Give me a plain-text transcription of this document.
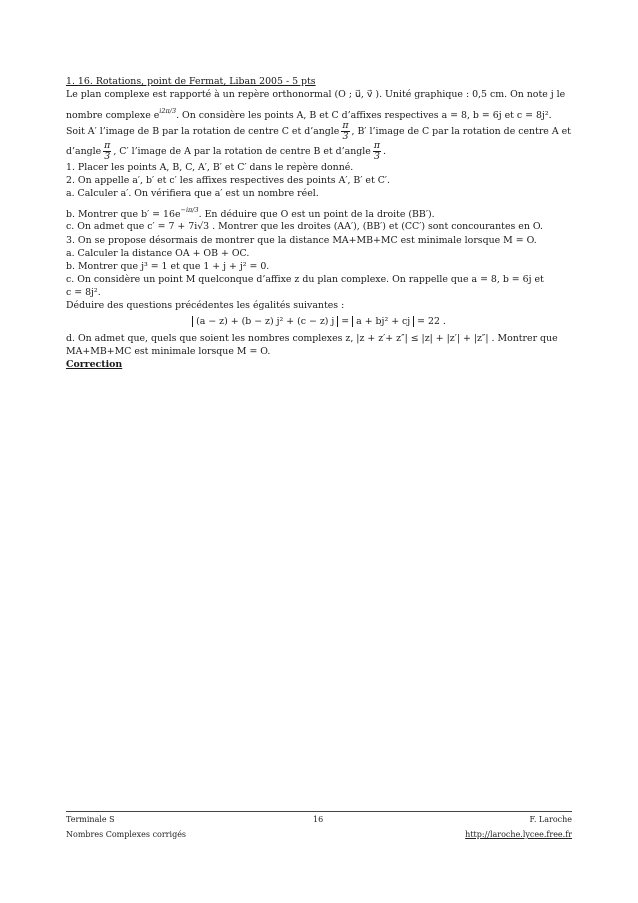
1. 16. Rotations, point de Fermat, Liban 2005 - 5 pts
Le plan complexe est rapporté à un repère orthonormal (O ; u⃗, v⃗ ). Unité graphique : 0,5 cm. On note j le
nombre complexe $e^{i2\pi/3}$. On considère les points A, B et C d’affixes respectives a = 8, b = 6j et c = 8j².
Soit A′ l’image de B par la rotation de centre C et d’angle $\frac{\pi}{3}$ , B′ l’image de C par la rotation de centre A et
d’angle $\frac{\pi}{3}$ , C′ l’image de A par la rotation de centre B et d’angle $\frac{\pi}{3}$ .
1. Placer les points A, B, C, A′, B′ et C′ dans le repère donné.
2. On appelle a′, b′ et c′ les affixes respectives des points A′, B′ et C′.
a. Calculer a′. On vérifiera que a′ est un nombre réel.
b. Montrer que $b' = 16e^{-i\pi/3}$. En déduire que O est un point de la droite (BB′).
c. On admet que c′ = 7 + 7i√3 . Montrer que les droites (AA′), (BB′) et (CC′) sont concourantes en O.
3. On se propose désormais de montrer que la distance MA+MB+MC est minimale lorsque M = O.
a. Calculer la distance OA + OB + OC.
b. Montrer que j³ = 1 et que 1 + j + j² = 0.
c. On considère un point M quelconque d’affixe z du plan complexe. On rappelle que a = 8, b = 6j et
c = 8j².
Déduire des questions précédentes les égalités suivantes :
(a − z) + (b − z) j² + (c − z) j = a + bj² + cj = 22 .
d. On admet que, quels que soient les nombres complexes z, |z + z′+ z″| ≤ |z| + |z′| + |z″| . Montrer que
MA+MB+MC est minimale lorsque M = O.
Correction
Terminale S	16	F. Laroche
Nombres Complexes corrigés	http://laroche.lycee.free.fr
